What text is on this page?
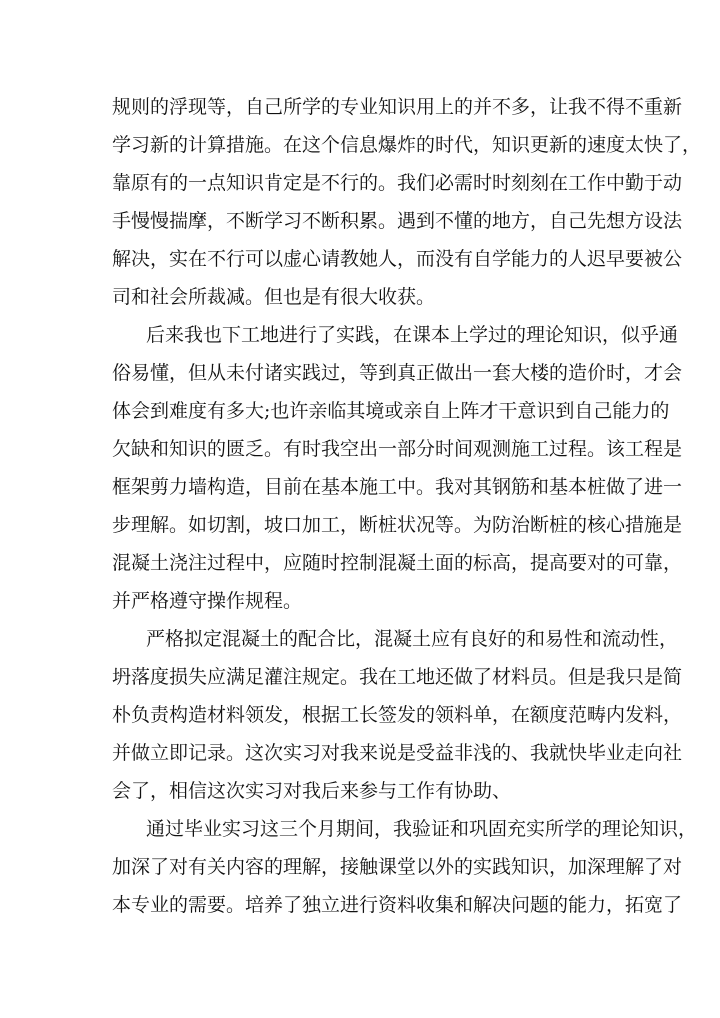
规则的浮现等，自己所学的专业知识用上的并不多，让我不得不重新
学习新的计算措施。在这个信息爆炸的时代，知识更新的速度太快了，
靠原有的一点知识肯定是不行的。我们必需时时刻刻在工作中勤于动
手慢慢揣摩，不断学习不断积累。遇到不懂的地方，自己先想方设法
解决，实在不行可以虚心请教她人，而没有自学能力的人迟早要被公
司和社会所裁减。但也是有很大收获。
后来我也下工地进行了实践，在课本上学过的理论知识，似乎通
俗易懂，但从未付诸实践过，等到真正做出一套大楼的造价时，才会
体会到难度有多大;也许亲临其境或亲自上阵才干意识到自己能力的
欠缺和知识的匮乏。有时我空出一部分时间观测施工过程。该工程是
框架剪力墙构造，目前在基本施工中。我对其钢筋和基本桩做了进一
步理解。如切割，坡口加工，断桩状况等。为防治断桩的核心措施是
混凝土浇注过程中，应随时控制混凝土面的标高，提高要对的可靠，
并严格遵守操作规程。
严格拟定混凝土的配合比，混凝土应有良好的和易性和流动性，
坍落度损失应满足灌注规定。我在工地还做了材料员。但是我只是简
朴负责构造材料领发，根据工长签发的领料单，在额度范畴内发料，
并做立即记录。这次实习对我来说是受益非浅的、我就快毕业走向社
会了，相信这次实习对我后来参与工作有协助、
通过毕业实习这三个月期间，我验证和巩固充实所学的理论知识，
加深了对有关内容的理解，接触课堂以外的实践知识，加深理解了对
本专业的需要。培养了独立进行资料收集和解决问题的能力，拓宽了
